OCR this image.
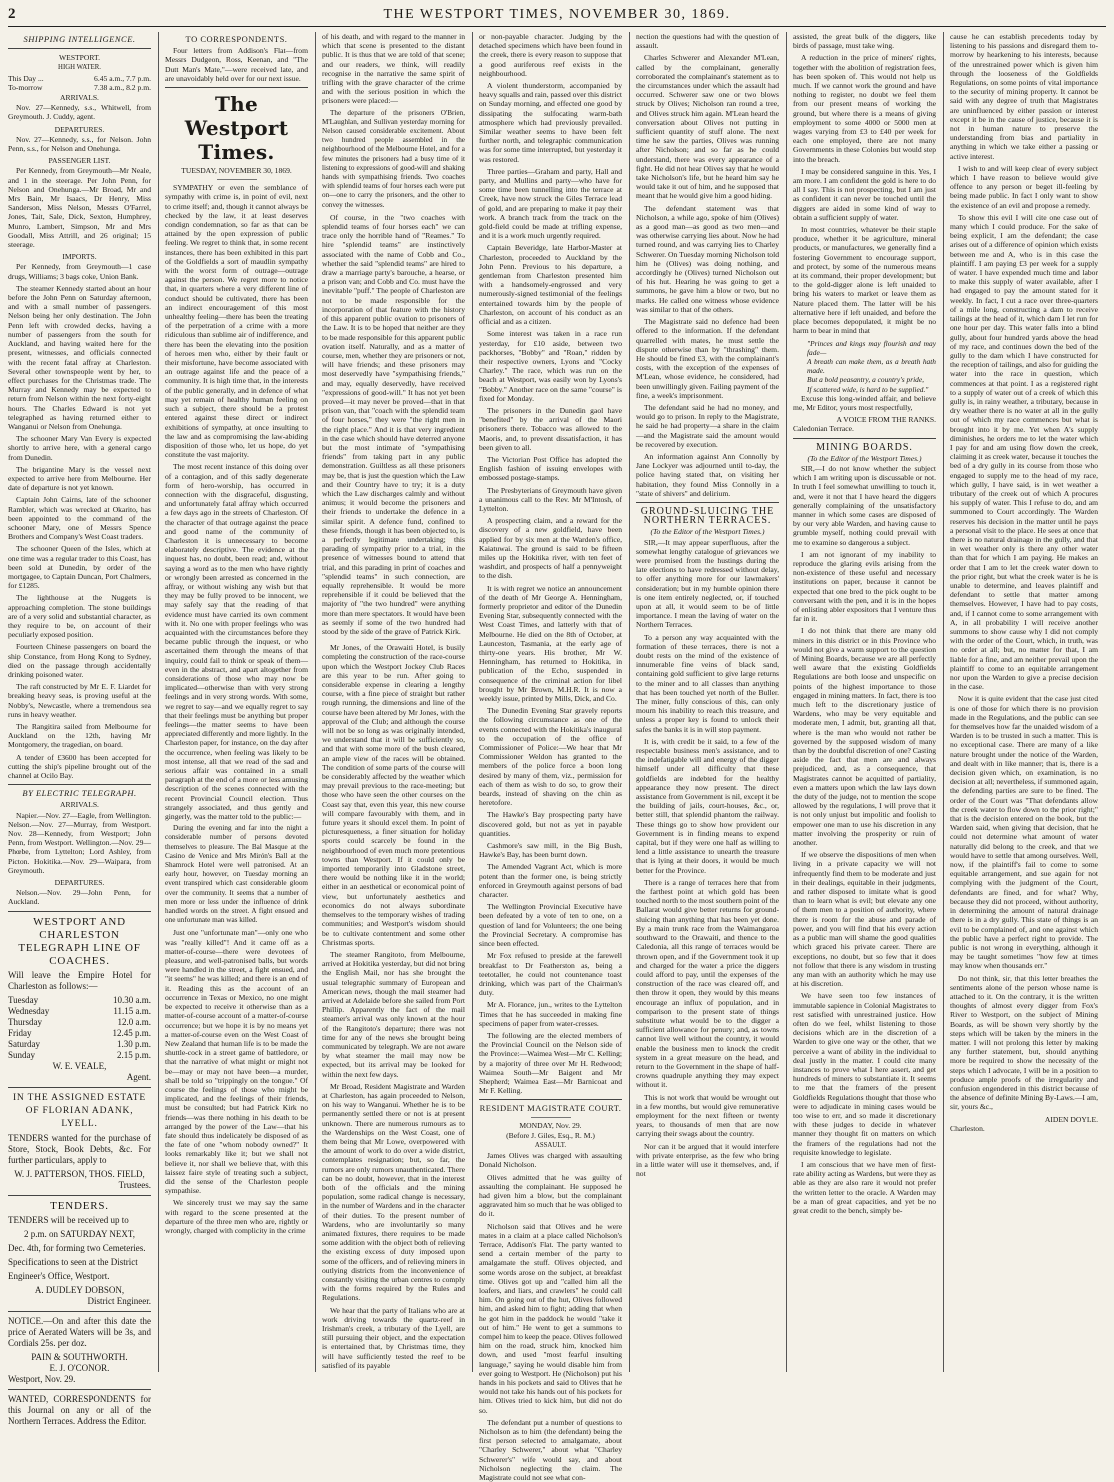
2	THE WESTPORT TIMES, NOVEMBER 30, 1869.
SHIPPING INTELLIGENCE.
WESTPORT.
HIGH WATER.
This Day ...	6.45 a.m., 7.7 p.m.
To-morrow	7.38 a.m., 8.2 p.m.
ARRIVALS.

Nov. 27—Kennedy, s.s., Whitwell, from Greymouth. J. Cuddy, agent.

DEPARTURES.

Nov. 27—Kennedy, s.s., for Nelson. John Penn, s.s., for Nelson and Onehunga.

PASSENGER LIST.

Per Kennedy, from Greymouth—Mr Neale, and 1 in the steerage. Per John Penn, for Nelson and Onehunga.—Mr Broad, Mr and Mrs Bain, Mr Isaacs, Dr Henry, Miss Sanderson, Miss Nelson, Messrs O'Farrel, Jones, Tait, Sale, Dick, Sexton, Humphrey, Munro, Lambert, Simpson, Mr and Mrs Goodall, Miss Attrill, and 26 original; 15 steerage.

IMPORTS.

Per Kennedy, from Greymouth—1 case drugs, Williams; 3 bags coke, Union Bank.

The steamer Kennedy started about an hour before the John Penn on Saturday afternoon, and with a small number of passengers. Nelson being her only destination. The John Penn left with crowded decks, having a number of passengers from the south for Auckland, and having waited here for the present, witnesses, and officials connected with the recent fatal affray at Charleston. Several other townspeople went by her, to effect purchases for the Christmas trade. The Murray and Kennedy may be expected to return from Nelson within the next forty-eight hours. The Charles Edward is not yet telegraphed as having returned either to Wanganui or Nelson from Onehunga.

The schooner Mary Van Every is expected shortly to arrive here, with a general cargo from Dunedin.

The brigantine Mary is the vessel next expected to arrive here from Melbourne. Her date of departure is not yet known.

Captain John Cairns, late of the schooner Rambler, which was wrecked at Okarito, has been appointed to the command of the schooner Mary, one of Messrs Spence Brothers and Company's West Coast traders.

The schooner Queen of the Isles, which at one time was a regular trader to this Coast, has been sold at Dunedin, by order of the mortgagee, to Captain Duncan, Port Chalmers, for £1285.

The lighthouse at the Nuggets is approaching completion. The stone buildings are of a very solid and substantial character, as they require to be, on account of their peculiarly exposed position.

Fourteen Chinese passengers on board the ship Constance, from Hong Kong to Sydney, died on the passage through accidentally drinking poisoned water.

The raft constructed by Mr E. F. Liardet for breaking heavy seas, is proving useful at the Nobby's, Newcastle, where a tremendous sea runs in heavy weather.

The Rangitira sailed from Melbourne for Auckland on the 12th, having Mr Montgomery, the tragedian, on board.

A tender of £3600 has been accepted for cutting the ship's pipeline brought out of the channel at Ocilo Bay.

BY ELECTRIC TELEGRAPH.
ARRIVALS.

Napier.—Nov. 27—Eagle, from Wellington. Nelson.—Nov. 27—Murray, from Westport. Nov. 28—Kennedy, from Westport; John Penn, from Westport. Wellington.—Nov. 29—Phœbe, from Lyttelton; Lord Ashley, from Picton. Hokitika.—Nov. 29—Waipara, from Greymouth.

DEPARTURES.

Nelson.—Nov. 29—John Penn, for Auckland.

WESTPORT AND CHARLESTON TELEGRAPH LINE OF COACHES.

Will leave the Empire Hotel for Charleston as follows:—

Tuesday	10.30 a.m.
Wednesday	11.15 a.m.
Thursday	12.0 a.m.
Friday	12.45 p.m.
Saturday	1.30 p.m.
Sunday	2.15 p.m.
W. E. VEALE,
Agent.
IN THE ASSIGNED ESTATE OF FLORIAN ADANK, LYELL.

TENDERS wanted for the purchase of Store, Stock, Book Debts, &c. For further particulars, apply to

W. J. PATTERSON, THOS. FIELD,
Trustees.
TENDERS.

TENDERS will be received up to

2 p.m. on SATURDAY NEXT,

Dec. 4th, for forming two Cemeteries.

Specifications to seen at the District

Engineer's Office, Westport.

A. DUDLEY DOBSON,
District Engineer.

NOTICE.—On and after this date the price of Aerated Waters will be 3s, and Cordials 25s. per doz.

PAIN & SOUTHWORTH.
E. J. O'CONOR.
Westport, Nov. 29.

WANTED, CORRESPONDENTS for this Journal on any or all of the Northern Terraces. Address the Editor.

TO CORRESPONDENTS.

Four letters from Addison's Flat—from Messrs Dudgeon, Ross, Keenan, and "The Dutt Man's Mate,"—were received late, and are unavoidably held over for our next issue.

The Westport Times.
TUESDAY, NOVEMBER 30, 1869.

SYMPATHY or even the semblance of sympathy with crime is, in point of evil, next to crime itself; and, though it cannot always be checked by the law, it at least deserves condign condemnation, so far as that can be attained by the open expression of public feeling. We regret to think that, in some recent instances, there has been exhibited in this part of the Goldfields a sort of maudlin sympathy with the worst form of outrage—outrage against the person. We regret more to notice that, in quarters where a very different line of conduct should be cultivated, there has been an indirect encouragement of this most unhealthy feeling—there has been the treating of the perpetration of a crime with a more ridiculous than sublime air of indifference, and there has been the elevating into the position of heroes men who, either by their fault or their misfortune, have become associated with an outrage against life and the peace of a community. It is high time that, in the interests of the public generally, and in defence of what may yet remain of healthy human feeling on such a subject, there should be a protest entered against these direct or indirect exhibitions of sympathy, at once insulting to the law and as compromising the law-abiding disposition of those who, let us hope, do yet constitute the vast majority.

The most recent instance of this doing over of a contagion, and of this sadly degenerate form of hero-worship, has occurred in connection with the disgraceful, disgusting, and unfortunately fatal affray which occurred a few days ago in the streets of Charleston. Of the character of that outrage against the peace and good name of the community of Charleston it is unnecessary to become elaborately descriptive. The evidence at the inquest has, no doubt, been read; and, without saying a word as to the men who have rightly or wrongly been arrested as concerned in the affray, or without wishing any wish but that they may be fully proved to be innocent, we may safely say that the reading of that evidence must have carried its own comment with it. No one with proper feelings who was acquainted with the circumstances before they became public through the inquest, or who ascertained them through the means of that inquiry, could fail to think or speak of them—even in the abstract, and apart altogether from considerations of those who may now be implicated—otherwise than with very strong feelings and in very strong words. With some, we regret to say—and we equally regret to say that their feelings must be anything but proper feelings—the matter seems to have been appreciated differently and more lightly. In the Charleston paper, for instance, on the day after the occurrence, when feeling was likely to be most intense, all that we read of the sad and serious affair was contained in a small paragraph at the end of a more or less amusing description of the scenes connected with the recent Provincial Council election. Thus strangely associated, and thus gently and gingerly, was the matter told to the public:—

During the evening and far into the night a considerable number of persons devoted themselves to pleasure. The Bal Masque at the Casino de Venice and Mrs Mirón's Ball at the Shamrock Hotel were well patronised. At an early hour, however, on Tuesday morning an event transpired which cast considerable gloom over the community. It seems that a number of men more or less under the influence of drink handled words on the street. A fight ensued and one unfortunate man was killed.

Just one "unfortunate man"—only one who was "really killed"! And it came off as a matter-of-course—there were devotees of pleasure, and well-patronised balls, but words were handled in the street, a fight ensued, and "it seems" he was killed; and there is an end of it. Reading this as the account of an occurrence in Texas or Mexico, no one might be expected to receive it otherwise than as a matter-of-course account of a matter-of-course occurrence; but we hope it is by no means yet a matter-of-course even on the West Coast of New Zealand that human life is to be made the shuttle-cock in a street game of battledore, or that the narrative of what might or might not be—may or may not have been—a murder, shall be told so "trippingly on the tongue." Of course the feelings of those who might be implicated, and the feelings of their friends, must be consulted; but had Patrick Kirk no friends—was there nothing in his death to be arranged by the power of the Law—that his fate should thus indelicately be disposed of as the fate of one "whom nobody owned?" It looks remarkably like it; but we shall not believe it, nor shall we believe that, with this laissez faire style of treating such a subject, did the sense of the Charleston people sympathise.

We sincerely trust we may say the same with regard to the scene presented at the departure of the three men who are, rightly or wrongly, charged with complicity in the crime

of his death, and with regard to the manner in which that scene is presented to the distant public. It is thus that we are told of that scene; and our readers, we think, will readily recognise in the narrative the same spirit of trifling with the grave character of the crime and with the serious position in which the prisoners were placed:—

The departure of the prisoners O'Brien, M'Laughlan, and Sullivan yesterday morning for Nelson caused considerable excitement. About two hundred people assembled in the neighbourhood of the Melbourne Hotel, and for a few minutes the prisoners had a busy time of it listening to expressions of good-will and shaking hands with sympathising friends. Two coaches with splendid teams of four horses each were put on—one to carry the prisoners, and the other to convey the witnesses.

Of course, in the "two coaches with splendid teams of four horses each" we can trace only the horrible hand of "Reames." To hire "splendid teams" are instinctively associated with the name of Cobb and Co., whether the said "splendid teams" are hired to draw a marriage party's barouche, a hearse, or a prison van; and Cobb and Co. must have the inevitable "puff." The people of Charleston are not to be made responsible for the incorporation of that feature with the history of this apparent public ovation to prisoners of the Law. It is to be hoped that neither are they to be made responsible for this apparent public ovation itself. Naturally, and as a matter of course, men, whether they are prisoners or not, will have friends; and these prisoners may most deservedly have "sympathising friends," and may, equally deservedly, have received "expressions of good-will." It has not yet been proved—it may never be proved—that in that prison van, that "coach with the splendid team of four horses," they were "the right men in the right place." And it is that very ingredient in the case which should have deterred anyone but the most intimate of "sympathising friends" from taking part in any public demonstration. Guiltless as all these prisoners may be, that is just the question which the Law and their Country have to try; it is a duty which the Law discharges calmly and without animus; it would become the prisoners and their friends to undertake the defence in a similar spirit. A defence fund, confined to these friends, though it has been objected to, is a perfectly legitimate undertaking; this parading of sympathy prior to a trial, in the presence of witnesses bound to attend that trial, and this parading in print of coaches and "splendid teams" in such connection, are equally reprehensible. It would be more reprehensible if it could be believed that the majority of "the two hundred" were anything more than mere spectators. It would have been as seemly if some of the two hundred had stood by the side of the grave of Patrick Kirk.

Mr Jones, of the Orawaiti Hotel, is busily completing the construction of the race-course upon which the Westport Jockey Club Races are this year to be run. After going to considerable expense in clearing a lengthy course, with a fine piece of straight but rather rough running, the dimensions and line of the course have been altered by Mr Jones, with the approval of the Club; and although the course will not be so long as was originally intended, we understand that it will be sufficiently so, and that with some more of the bush cleared, an ample view of the races will be obtained. The condition of some parts of the course will be considerably affected by the weather which may prevail previous to the race-meeting; but those who have seen the other courses on the Coast say that, even this year, this new course will compare favourably with them, and in future years it should excel them. In point of picturesqueness, a finer situation for holiday sports could scarcely be found in the neighbourhood of even much more pretentious towns than Westport. If it could only be imported temporarily into Gladstone street, there would be nothing like it in the world; either in an aesthetical or economical point of view, but unfortunately aesthetics and economics do not always subordinate themselves to the temporary wishes of trading communities; and Westport's wisdom should be to cultivate contentment and some other Christmas sports.

The steamer Rangitoto, from Melbourne, arrived at Hokitika yesterday, but did not bring the English Mail, nor has she brought the usual telegraphic summary of European and American news, though the mail steamer had arrived at Adelaide before she sailed from Port Phillip. Apparently the fact of the mail steamer's arrival was only known at the hour of the Rangitoto's departure; there was not time for any of the news she brought being communicated by telegraph. We are not aware by what steamer the mail may now be expected, but its arrival may be looked for within the next few days.

Mr Broad, Resident Magistrate and Warden at Charleston, has again proceeded to Nelson, on his way to Wanganui. Whether he is to be permanently settled there or not is at present unknown. There are numerous rumours as to the Wardenships on the West Coast, one of them being that Mr Lowe, overpowered with the amount of work to do over a wide district, contemplates resignation; but, so far, the rumors are only rumors unauthenticated. There can be no doubt, however, that in the interest both of the officials and the mining population, some radical change is necessary, in the number of Wardens and in the character of their duties. To the present number of Wardens, who are involuntarily so many animated fixtures, there requires to be made some addition with the object both of relieving the existing excess of duty imposed upon some of the officers, and of relieving miners in outlying districts from the inconvenience of constantly visiting the urban centres to comply with the forms required by the Rules and Regulations.

We hear that the party of Italians who are at work driving towards the quartz-reef in Irishman's creek, a tributary of the Lyell, are still pursuing their object, and the expectation is entertained that, by Christmas time, they will have sufficiently tested the reef to be satisfied of its payable

or non-payable character. Judging by the detached specimens which have been found in the creek, there is every reason to suppose that a good auriferous reef exists in the neighbourhood.

A violent thunderstorm, accompanied by heavy squalls and rain, passed over this district on Sunday morning, and effected one good by dissipating the sulfocating warm-bath atmosphere which had previously prevailed. Similar weather seems to have been felt further north, and telegraphic communication was for some time interrupted, but yesterday it was restored.

Three parties—Graham and party, Hall and party, and Mullins and party—who have for some time been tunnelling into the terrace at Creek, have now struck the Giles Terrace lead of gold, and are preparing to make it pay their work. A branch track from the track on the gold-field could be made at trifling expense, and it is a work much urgently required.

Captain Beveridge, late Harbor-Master at Charleston, proceeded to Auckland by the John Penn. Previous to his departure, a gentleman from Charleston presented him with a handsomely-engrossed and very numerously-signed testimonial of the feelings entertained towards him by the people of Charleston, on account of his conduct as an official and as a citizen.

Some interest was taken in a race run yesterday, for £10 aside, between two packhorses, "Bobby" and "Roan," ridden by their respective owners, Lyons and "Cocky Charley." The race, which was run on the beach at Westport, was easily won by Lyons's "Bobby." Another race on the same "course" is fixed for Monday.

The prisoners in the Dunedin gaol have "benefited" by the arrival of the Maori prisoners there. Tobacco was allowed to the Maoris, and, to prevent dissatisfaction, it has been given to all.

The Victorian Post Office has adopted the English fashion of issuing envelopes with embossed postage-stamps.

The Presbyterians of Greymouth have given a unanimous call to the Rev. Mr M'Intosh, of Lyttelton.

A prospecting claim, and a reward for the discovery of a new goldfield, have been applied for by six men at the Warden's office, Kaiatuwai. The ground is said to be fifteen miles up the Hokitika river, with ten feet of washdirt, and prospects of half a pennyweight to the dish.

It is with regret we notice an announcement of the death of Mr George A. Henningham, formerly proprietor and editor of the Dunedin Evening Star, subsequently connected with the West Coast Times, and latterly with that of Melbourne. He died on the 8th of October, at Launceston, Tasmania, at the early age of thirty-one years. His brother, Mr W. Henningham, has returned to Hokitika, in publication of the Echo, suspended in consequence of the criminal action for libel brought by Mr Brown, M.H.R. It is now a weekly issue, printed by Mills, Dick, and Co.

The Dunedin Evening Star gravely reports the following circumstance as one of the events connected with the Hokitika's inaugural to the occupation of the office of Commissioner of Police:—We hear that Mr Commissioner Weldon has granted to the members of the police force a boon long desired by many of them, viz., permission for each of them as wish to do so, to grow their beards, instead of shaving on the chin as heretofore.

The Hawke's Bay prospecting party have discovered gold, but not as yet in payable quantities.

Cashmore's saw mill, in the Big Bush, Hawke's Bay, has been burnt down.

The Amended Vagrant Act, which is more potent than the former one, is being strictly enforced in Greymouth against persons of bad character.

The Wellington Provincial Executive have been defeated by a vote of ten to one, on a question of land for Volunteers; the one being the Provincial Secretary. A compromise has since been effected.

Mr Fox refused to preside at the farewell breakfast to Dr Featherston as, being a teetotaller, he could not countenance toast drinking, which was part of the Chairman's duty.

Mr A. Florance, jun., writes to the Lyttelton Times that he has succeeded in making fine specimens of paper from water-cresses.

The following are the elected members of the Provincial Council on the Nelson side of the Province:—Waimea West—Mr C. Kelling; by a majority of three over Mr H. Redwood; Waimea South—Mr Baigent and Mr Shepherd; Waimea East—Mr Barnicoat and Mr F. Kelling.

RESIDENT MAGISTRATE COURT.
MONDAY, Nov. 29.
(Before J. Giles, Esq., R. M.)
ASSAULT.

James Olives was charged with assaulting Donald Nicholson.

Olives admitted that he was guilty of assaulting the complainant. He supposed he had given him a blow, but the complainant aggravated him so much that he was obliged to do it.

Nicholson said that Olives and he were mates in a claim at a place called Nicholson's Terrace, Addison's Flat. The party wanted to send a certain member of the party to amalgamate the stuff. Olives objected, and some words arose on the subject, at breakfast time. Olives got up and "called him all the loafers, and liars, and crawlers" he could call him. On going out of the hut, Olives followed him, and asked him to fight; adding that when he got him in the paddock he would "take it out of him." He went to get a summons to compel him to keep the peace. Olives followed him on the road, struck him, knocked him down, and used "most fearful insulting language," saying he would disable him from ever going to Westport. He (Nicholson) put his hands in his pockets and said to Olives that he would not take his hands out of his pockets for him. Olives tried to kick him, but did not do so.

The defendant put a number of questions to Nicholson as to him (the defendant) being the first person selected to amalgamate, about "Charley Schwerer," about what "Charley Schwerer's" wife would say, and about Nicholson neglecting the claim. The Magistrate could not see what con-

nection the questions had with the question of assault.

Charles Schwerer and Alexander M'Lean, called by the complainant, generally corroborated the complainant's statement as to the circumstances under which the assault had occurred. Schwerer saw one or two blows struck by Olives; Nicholson ran round a tree, and Olives struck him again. M'Lean heard the conversation about Olives not putting in sufficient quantity of stuff alone. The next time he saw the parties, Olives was running after Nicholson; and so far as he could understand, there was every appearance of a fight. He did not hear Olives say that he would take Nicholson's life, but he heard him say he would take it out of him, and he supposed that meant that he would give him a good hiding.

The defendant statement was that Nicholson, a while ago, spoke of him (Olives) as a good man—as good as two men—and was otherwise carrying lies about. Now he had turned round, and was carrying lies to Charley Schwerer. On Tuesday morning Nicholson told him he (Olives) was doing nothing, and accordingly he (Olives) turned Nicholson out of his hut. Hearing he was going to get a summons, he gave him a blow or two, but no marks. He called one witness whose evidence was similar to that of the others.

The Magistrate said no defence had been offered to the information. If the defendant quarrelled with mates, he must settle the dispute otherwise than by "thrashing" them. He should be fined £3, with the complainant's costs, with the exception of the expenses of M'Lean, whose evidence, he considered, had been unwillingly given. Failing payment of the fine, a week's imprisonment.

The defendant said he had no money, and would go to prison. In reply to the Magistrate, he said he had property—a share in the claim—and the Magistrate said the amount would be recovered by execution.

An information against Ann Connolly by Jane Lockyer was adjourned until to-day, the police having stated that, on visiting her habitation, they found Miss Connolly in a "state of shivers" and delirium.

GROUND-SLUICING THE NORTHERN TERRACES.
(To the Editor of the Westport Times.)

SIR,—It may appear superfluous, after the somewhat lengthy catalogue of grievances we were promised from the hustings during the late elections to have redressed without delay, to offer anything more for our lawmakers' consideration; but in my humble opinion there is one item entirely neglected, or, if touched upon at all, it would seem to be of little importance. I mean the laving of water on the Northern Terraces.

To a person any way acquainted with the formation of these terraces, there is not a doubt rests on the mind of the existence of innumerable fine veins of black sand, containing gold sufficient to give large returns to the miner and to all classes than anything that has been touched yet north of the Buller. The miner, fully conscious of this, can only mourn his inability to reach this treasure, and unless a proper key is found to unlock their safes the banks it is in will stop payment.

It is, with credit be it said, to a few of the respectable business men's assistance, and to the indefatigable will and energy of the digger himself under all difficulty that these goldfields are indebted for the healthy appearance they now present. The direct assistance from Government is nil, except it be the building of jails, court-houses, &c., or, better still, that splendid phantom the railway. These things go to show how provident our Government is in finding means to expend capital, but if they were one half as willing to lend a little assistance to unearth the treasure that is lying at their doors, it would be much better for the Province.

There is a range of terraces here that from the farthest point at which gold has been touched north to the most southern point of the Ballarat would give better returns for ground-sluicing than anything that has been yet done. By a main trunk race from the Waimangaroa southward to the Orawaiti, and thence to the Caledonia, all this range of terraces would be thrown open, and if the Government took it up and charged for the water a price the diggers could afford to pay, until the expenses of the construction of the race was cleared off, and then throw it open, they would by this means encourage an influx of population, and in comparison to the present state of things substitute what would be to the digger a sufficient allowance for penury; and, as towns cannot live well without the country, it would enable the business men to knock the credit system in a great measure on the head, and return to the Government in the shape of half-crowns quadruple anything they may expect without it.

This is not work that would be wrought out in a few months, but would give remunerative employment for the next fifteen or twenty years, to thousands of men that are now carrying their swags about the country.

Nor can it be argued that it would interfere with private enterprise, as the few who bring in a little water will use it themselves, and, if not

assisted, the great bulk of the diggers, like birds of passage, must take wing.

A reduction in the price of miners' rights, together with the abolition of registration fees, has been spoken of. This would not help us much. If we cannot work the ground and have nothing to register, no doubt we feel them from our present means of working the ground, but where there is a means of giving employment to some 4000 or 5000 men at wages varying from £3 to £40 per week for each one employed, there are not many Governments in these Colonies but would step into the breach.

I may be considered sanguine in this. Yes, I am more. I am confident the gold is here to do all I say. This is not prospecting, but I am just as confident it can never be touched until the diggers are aided in some kind of way to obtain a sufficient supply of water.

In most countries, whatever be their staple produce, whether it be agriculture, mineral products, or manufactures, we generally find a fostering Government to encourage support, and protect, by some of the numerous means at its command, their proper development; but to the gold-digger alone is left unaided to bring his waters to market or leave them as Nature placed them. The latter will be his alternative here if left unaided, and before the place becomes depopulated, it might be no harm to bear in mind that

"Princes and kings may flourish and may fade—
A breath can make them, as a breath hath made.
But a bold peasantry, a country's pride,
If scattered wide, is hard to be supplied."

Excuse this long-winded affair, and believe me, Mr Editor, yours most respectfully,

A VOICE FROM THE RANKS.
Caledonian Terrace.
MINING BOARDS.
(To the Editor of the Westport Times.)

SIR,—I do not know whether the subject which I am writing upon is discussable or not. In truth I feel somewhat unwilling to touch it, and, were it not that I have heard the diggers generally complaining of the unsatisfactory manner in which some cases are disposed of by our very able Warden, and having cause to grumble myself, nothing could prevail with me to examine so dangerous a subject.

I am not ignorant of my inability to reproduce the glaring evils arising from the non-existence of these useful and necessary institutions on paper, because it cannot be expected that one bred to the pick ought to be conversant with the pen, and it is in the hopes of enlisting abler expositors that I venture thus far in it.

I do not think that there are many old miners in this district or in this Province who would not give a warm support to the question of Mining Boards, because we are all perfectly well aware that the existing Goldfields Regulations are both loose and unspecific on points of the highest importance to those engaged in mining matters. In fact, there is too much left to the discretionary justice of Wardens, who may be very equitable and moderate men, I admit, but, granting all that, where is the man who would not rather be governed by the supposed wisdom of many than by the doubtful discretion of one? Casting aside the fact that men are and always prejudiced, and, as a consequence, that Magistrates cannot be acquitted of partiality, even a matters upon which the law lays down the duty of the judge, not to mention the scope allowed by the regulations, I will prove that it is not only unjust but impolitic and foolish to empower one man to use his discretion in any matter involving the prosperity or ruin of another.

If we observe the dispositions of men when living in a private capacity we will not infrequently find them to be moderate and just in their dealings, equitable in their judgments, and rather disposed to imitate what is good than to learn what is evil; but elevate any one of them men to a position of authority, where there is room for the abuse and parade of power, and you will find that his every action as a public man will shame the good qualities which graced his private career. There are exceptions, no doubt, but so few that it does not follow that there is any wisdom in trusting any man with an authority which he may use at his discretion.

We have seen too few instances of immutable sapience in Colonial Magistrates to rest satisfied with unrestrained justice. How often do we feel, whilst listening to those decisions which are in the discretion of a Warden to give one way or the other, that we perceive a want of ability in the individual to deal justly in the matter. I could cite many instances to prove what I here assert, and get hundreds of miners to substantiate it. It seems to me that the framers of the present Goldfields Regulations thought that those who were to adjudicate in mining cases would be too wise to err, and so made it discretionary with these judges to decide in whatever manner they thought fit on matters on which the framers of the regulations had not the requisite knowledge to legislate.

I am conscious that we have men of first-rate ability acting as Wardens, but were they as able as they are also rare it would not prefer the written letter to the oracle. A Warden may be a man of great capacities, and yet be no great credit to the bench, simply be-

cause he can establish precedents today by listening to his passions and disregard them to-morrow by hearkening to his interests, because of the unrestrained power which is given him through the looseness of the Goldfields Regulations, on some points of vital importance to the security of mining property. It cannot be said with any degree of truth that Magistrates are uninfluenced by either passion or interest except it be in the cause of justice, because it is not in human nature to preserve the understanding from bias and partiality in anything in which we take either a passing or active interest.

I wish to and will keep clear of every subject which I have reason to believe would give offence to any person or beget ill-feeling by being made public. In fact I only want to show the existence of an evil and propose a remedy.

To show this evil I will cite one case out of many which I could produce. For the sake of being explicit, I am the defendant; the case arises out of a difference of opinion which exists between me and A, who is in this case the plaintiff. I am paying £3 per week for a supply of water. I have expended much time and labor to make this supply of water available, after I had engaged to pay the amount stated for it weekly. In fact, I cut a race over three-quarters of a mile long, constructing a dam to receive tailings at the head of it, which dam I let run for one hour per day. This water falls into a blind gully, about four hundred yards above the head of my race, and continues down the bed of the gully to the dam which I have constructed for the reception of tailings, and also for guiding the water into the race in question, which commences at that point. I as a registered right to a supply of water out of a creek of which this gully is, in rainy weather, a tributary, because in dry weather there is no water at all in the gully out of which my race commences but what is brought into it by me. Yet when A's supply diminishes, he orders me to let the water which I pay for and am using flow down the creek, claiming it as creek water, because it touches the bed of a dry gully in its course from those who engaged to supply me to the head of my race, which gully, I have said, is in wet weather a tributary of the creek out of which A procures his supply of water. This I refuse to do, and am summoned to Court accordingly. The Warden reserves his decision in the matter until he pays a personal visit to the place. He sees at once that there is no natural drainage in the gully, and that in wet weather only is there any other water than that for which I am paying. He makes an order that I am to let the creek water down to the prior right, but what the creek water is he is unable to determine, and leaves plaintiff and defendant to settle that matter among themselves. However, I have had to pay costs, and, if I cannot come to some arrangement with A, in all probability I will receive another summons to show cause why I did not comply with the order of the Court, which, in truth, was no order at all; but, no matter for that, I am liable for a fine, and am neither prevail upon the plaintiff to come to an equitable arrangement nor upon the Warden to give a precise decision in the case.

Now it is quite evident that the case just cited is one of those for which there is no provision made in the Regulations, and the public can see for themselves how far the unaided wisdom of a Warden is to be trusted in such a matter. This is no exceptional case. There are many of a like nature brought under the notice of the Warden, and dealt with in like manner; that is, there is a decision given which, on examination, is no decision at all; nevertheless, if summoned again, the defending parties are sure to be fined. The order of the Court was "That defendants allow the creek water to flow down to the prior right;" that is the decision entered on the book, but the Warden said, when giving that decision, that he could not determine what amount of water naturally did belong to the creek, and that we would have to settle that among ourselves. Well, now, if the plaintiff's fail to come to some equitable arrangement, and sue again for not complying with the judgment of the Court, defendants are fined, and for what? Why, because they did not proceed, without authority, in determining the amount of natural drainage there is in a dry gully. This state of things is an evil to be complained of, and one against which the public have a perfect right to provide. The public is not wrong in everything, although it may be taught sometimes "how few at times may know when thousands err."

Do not think, sir, that this letter breathes the sentiments alone of the person whose name is attached to it. On the contrary, it is the written thoughts of almost every digger from Fox's River to Westport, on the subject of Mining Boards, as will be shown very shortly by the steps which will be taken by the miners in the matter. I will not prolong this letter by making any further statement, but, should anything more be required to show the necessity of the steps which I advocate, I will be in a position to produce ample proofs of the irregularity and confusion engendered in this district because of the absence of definite Mining By-Laws.—I am, sir, yours &c.,

AIDEN DOYLE.
Charleston.
